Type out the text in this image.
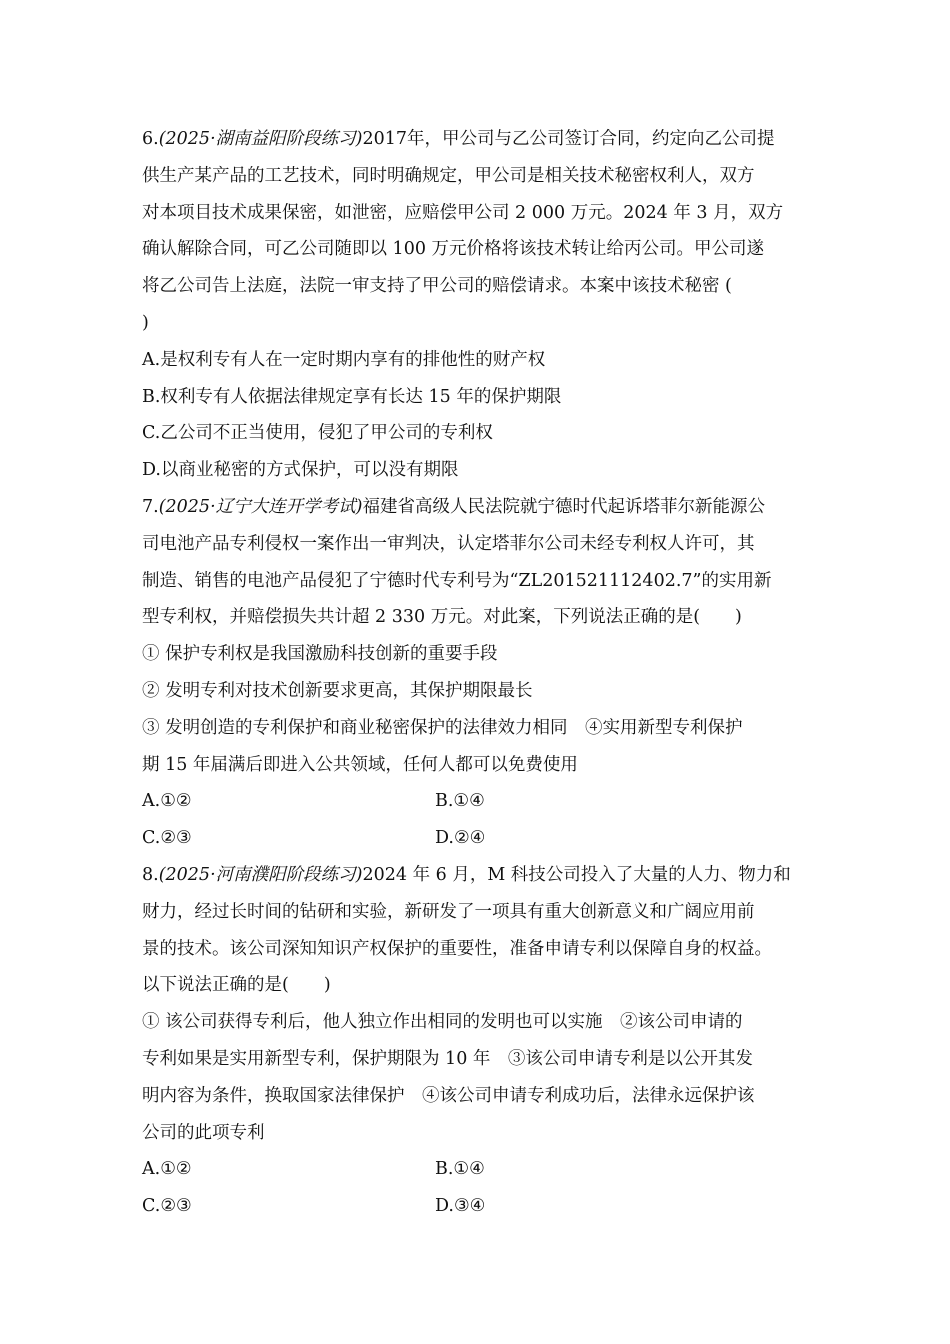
6.(2025·湖南益阳阶段练习)2017年，甲公司与乙公司签订合同，约定向乙公司提
供生产某产品的工艺技术，同时明确规定，甲公司是相关技术秘密权利人，双方
对本项目技术成果保密，如泄密，应赔偿甲公司 2 000 万元。2024 年 3 月，双方
确认解除合同，可乙公司随即以 100 万元价格将该技术转让给丙公司。甲公司遂
将乙公司告上法庭，法院一审支持了甲公司的赔偿请求。本案中该技术秘密 (
)
A.是权利专有人在一定时期内享有的排他性的财产权
B.权利专有人依据法律规定享有长达 15 年的保护期限
C.乙公司不正当使用，侵犯了甲公司的专利权
D.以商业秘密的方式保护，可以没有期限
7.(2025·辽宁大连开学考试)福建省高级人民法院就宁德时代起诉塔菲尔新能源公
司电池产品专利侵权一案作出一审判决，认定塔菲尔公司未经专利权人许可，其
制造、销售的电池产品侵犯了宁德时代专利号为“ZL201521112402.7”的实用新
型专利权，并赔偿损失共计超 2 330 万元。对此案，下列说法正确的是(　　)
① 保护专利权是我国激励科技创新的重要手段
② 发明专利对技术创新要求更高，其保护期限最长
③ 发明创造的专利保护和商业秘密保护的法律效力相同　④实用新型专利保护
期 15 年届满后即进入公共领域，任何人都可以免费使用
A.①②	B.①④
C.②③	D.②④
8.(2025·河南濮阳阶段练习)2024 年 6 月，M 科技公司投入了大量的人力、物力和
财力，经过长时间的钻研和实验，新研发了一项具有重大创新意义和广阔应用前
景的技术。该公司深知知识产权保护的重要性，准备申请专利以保障自身的权益。
以下说法正确的是(　　)
① 该公司获得专利后，他人独立作出相同的发明也可以实施　②该公司申请的
专利如果是实用新型专利，保护期限为 10 年　③该公司申请专利是以公开其发
明内容为条件，换取国家法律保护　④该公司申请专利成功后，法律永远保护该
公司的此项专利
A.①②	B.①④
C.②③	D.③④
